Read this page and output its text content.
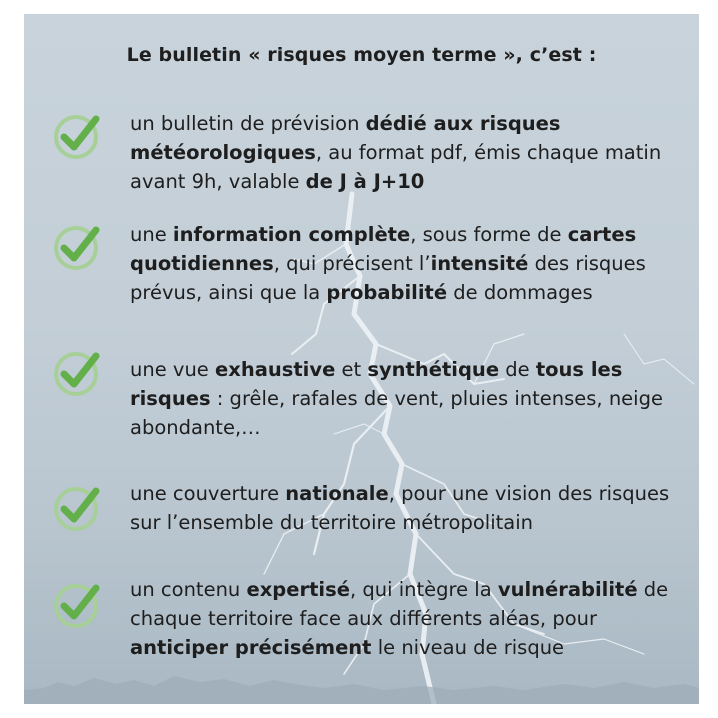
Le bulletin « risques moyen terme », c’est :
un bulletin de prévision dédié aux risques météorologiques, au format pdf, émis chaque matin avant 9h, valable de J à J+10
une information complète, sous forme de cartes quotidiennes, qui précisent l’intensité des risques prévus, ainsi que la probabilité de dommages
une vue exhaustive et synthétique de tous les risques : grêle, rafales de vent, pluies intenses, neige abondante,…
une couverture nationale, pour une vision des risques sur l’ensemble du territoire métropolitain
un contenu expertisé, qui intègre la vulnérabilité de chaque territoire face aux différents aléas, pour anticiper précisément le niveau de risque
